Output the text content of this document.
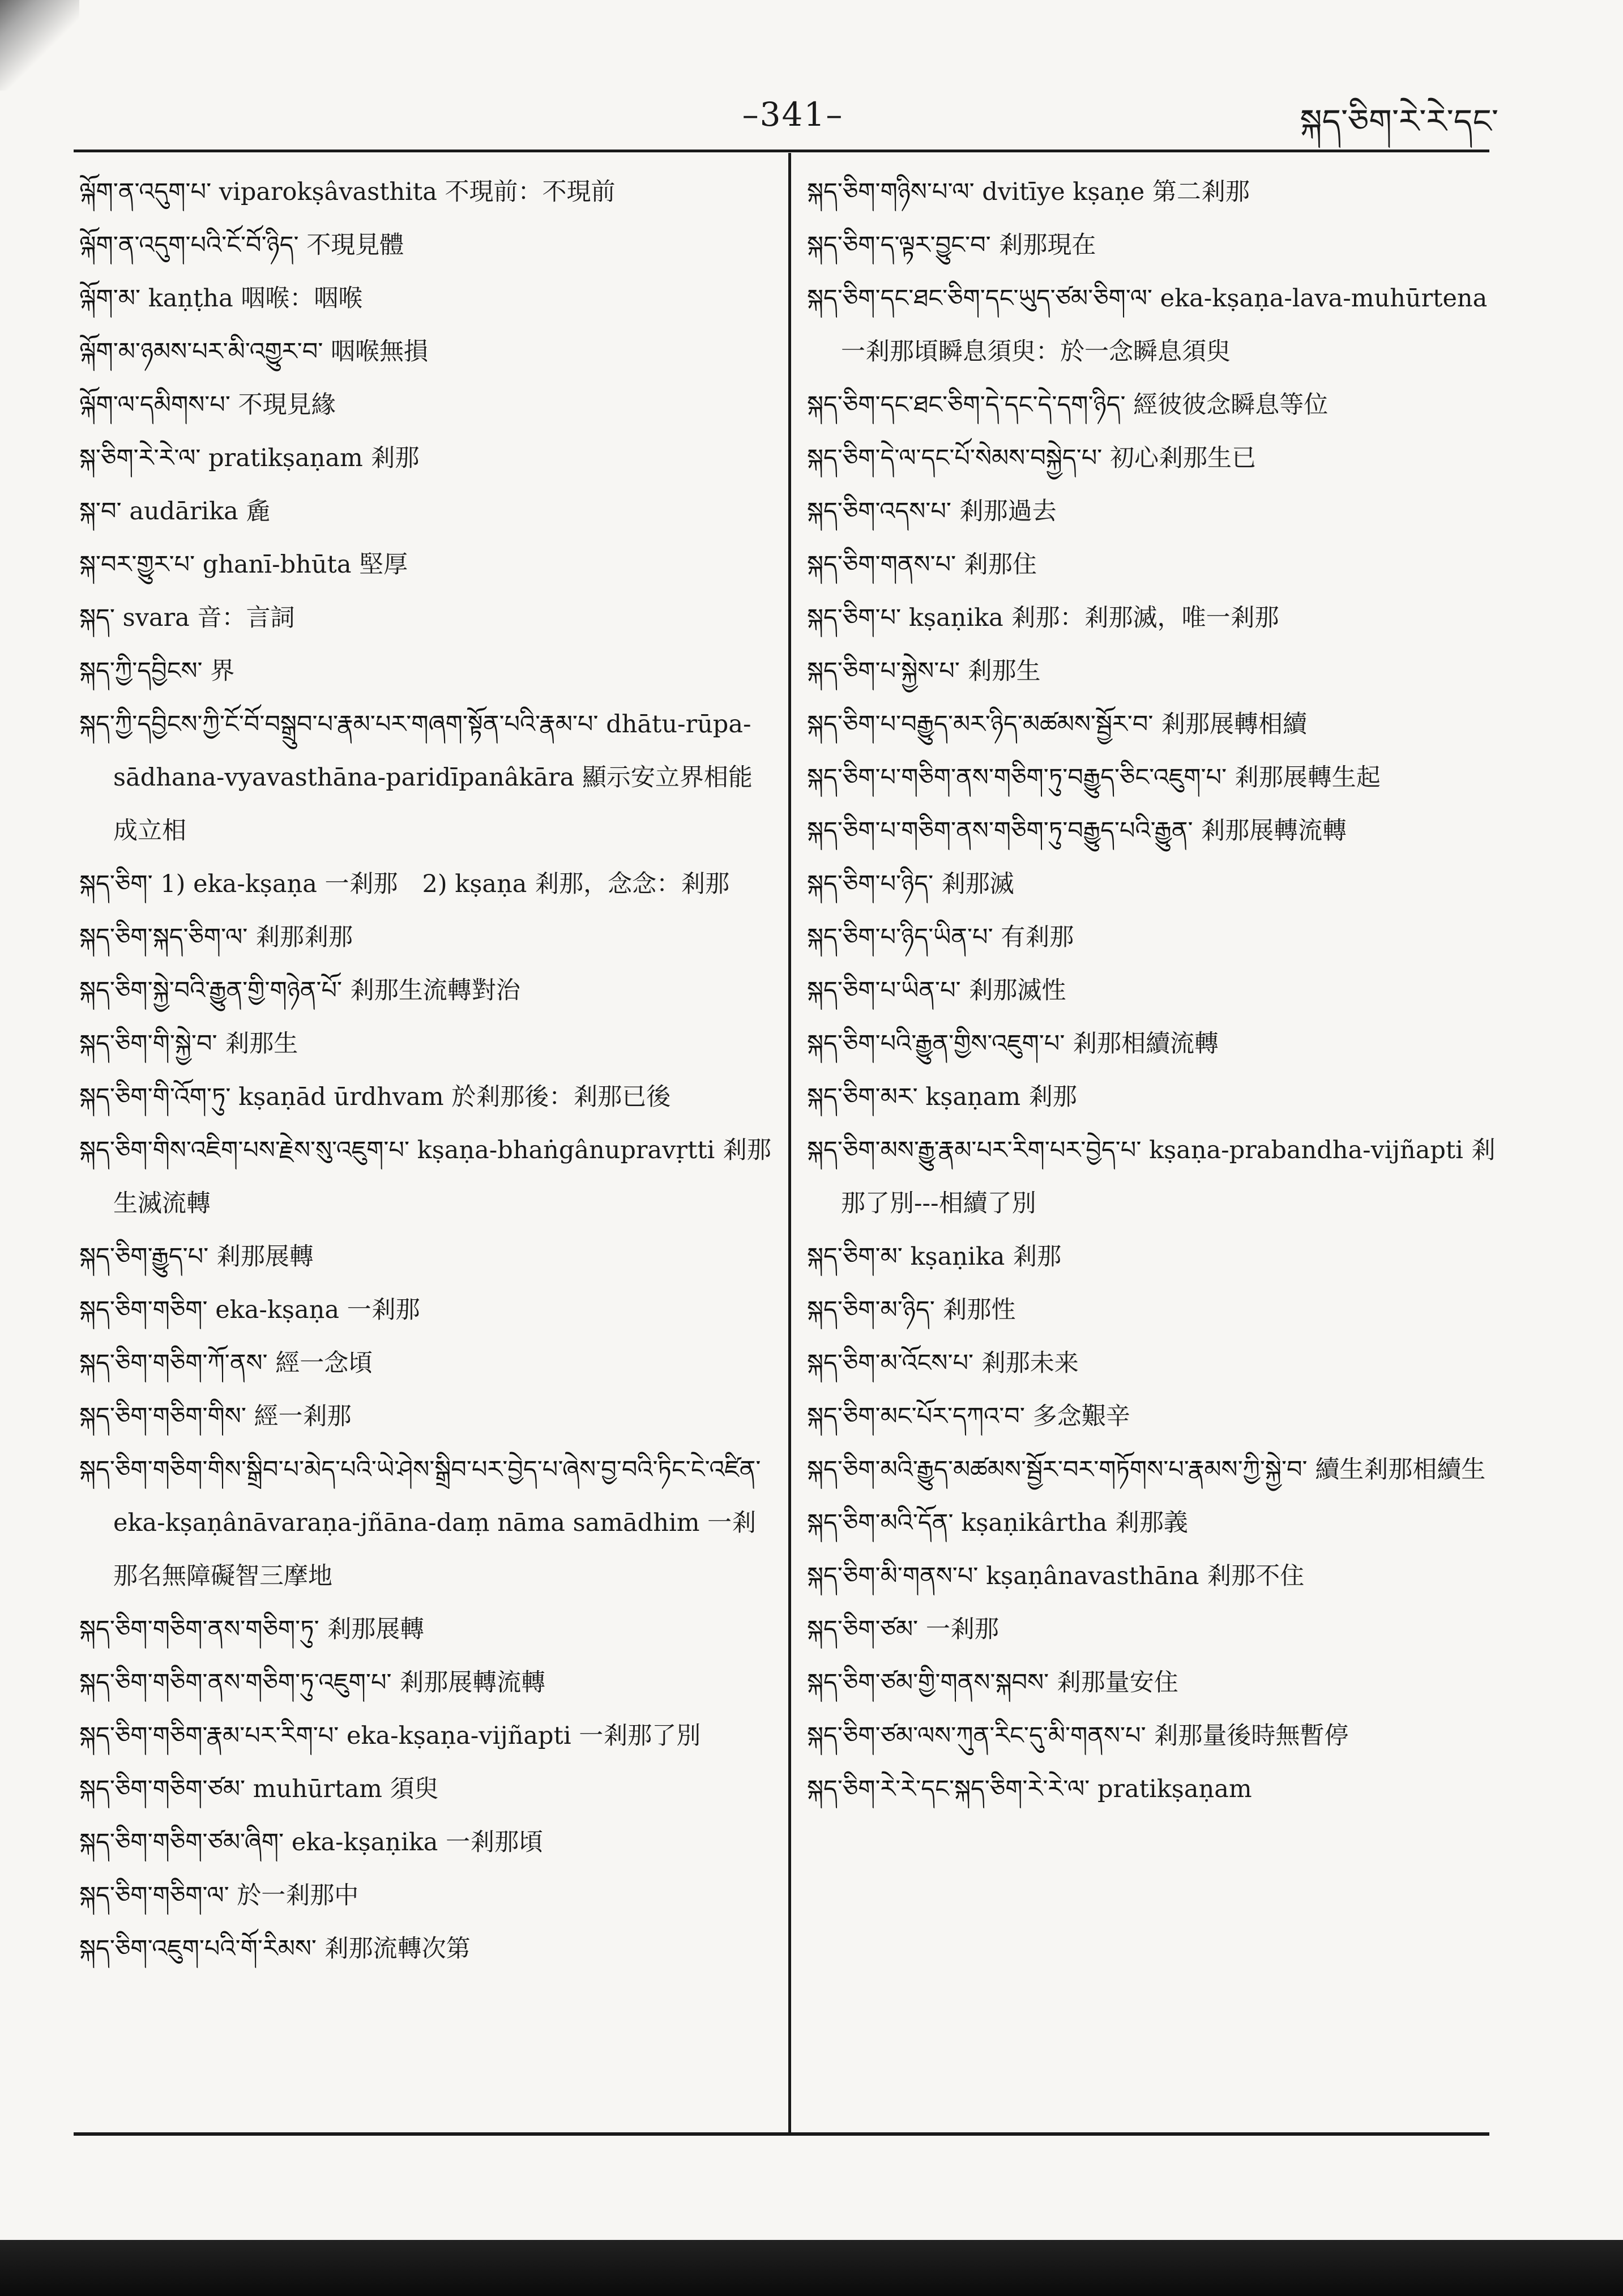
–341–	སྐད་ཅིག་རེ་རེ་དང་
ལྐོག་ན་འདུག་པ་ viparokṣâvasthita 不現前：不現前
ལྐོག་ན་འདུག་པའི་ངོ་བོ་ཉིད་ 不現見體
ལྐོག་མ་ kaṇṭha 咽喉：咽喉
ལྐོག་མ་ཉམས་པར་མི་འགྱུར་བ་ 咽喉無損
ལྐོག་ལ་དམིགས་པ་ 不現見緣
སྐ་ཅིག་རེ་རེ་ལ་ pratikṣaṇam 剎那
སྐ་བ་ audārika 麁
སྐ་བར་གྱུར་པ་ ghanī-bhūta 堅厚
སྐད་ svara 音：言詞
སྐད་ཀྱི་དབྱིངས་ 界
སྐད་ཀྱི་དབྱིངས་ཀྱི་ངོ་བོ་བསྒྲུབ་པ་རྣམ་པར་གཞག་སྟོན་པའི་རྣམ་པ་ dhātu-rūpa-sādhana-vyavasthāna-paridīpanâkāra 顯示安立界相能成立相
སྐད་ཅིག་ 1) eka-kṣaṇa 一剎那　2) kṣaṇa 剎那，念念：剎那
སྐད་ཅིག་སྐད་ཅིག་ལ་ 剎那剎那
སྐད་ཅིག་སྐྱེ་བའི་རྒྱུན་གྱི་གཉེན་པོ་ 剎那生流轉對治
སྐད་ཅིག་གི་སྐྱེ་བ་ 剎那生
སྐད་ཅིག་གི་འོག་ཏུ་ kṣaṇād ūrdhvam 於剎那後：剎那已後
སྐད་ཅིག་གིས་འཇིག་པས་རྗེས་སུ་འཇུག་པ་ kṣaṇa-bhaṅgânupravṛtti 剎那生滅流轉
སྐད་ཅིག་རྒྱུད་པ་ 剎那展轉
སྐད་ཅིག་གཅིག་ eka-kṣaṇa 一剎那
སྐད་ཅིག་གཅིག་ཀོ་ནས་ 經一念頃
སྐད་ཅིག་གཅིག་གིས་ 經一剎那
སྐད་ཅིག་གཅིག་གིས་སྒྲིབ་པ་མེད་པའི་ཡེ་ཤེས་སྒྲིབ་པར་བྱེད་པ་ཞེས་བྱ་བའི་ཏིང་ངེ་འཛིན་ eka-kṣaṇânāvaraṇa-jñāna-daṃ nāma samādhim 一剎那名無障礙智三摩地
སྐད་ཅིག་གཅིག་ནས་གཅིག་ཏུ་ 剎那展轉
སྐད་ཅིག་གཅིག་ནས་གཅིག་ཏུ་འཇུག་པ་ 剎那展轉流轉
སྐད་ཅིག་གཅིག་རྣམ་པར་རིག་པ་ eka-kṣaṇa-vijñapti 一剎那了別
སྐད་ཅིག་གཅིག་ཙམ་ muhūrtam 須臾
སྐད་ཅིག་གཅིག་ཙམ་ཞིག་ eka-kṣaṇika 一剎那頃
སྐད་ཅིག་གཅིག་ལ་ 於一剎那中
སྐད་ཅིག་འཇུག་པའི་གོ་རིམས་ 剎那流轉次第
སྐད་ཅིག་གཉིས་པ་ལ་ dvitīye kṣaṇe 第二剎那
སྐད་ཅིག་ད་ལྟར་བྱུང་བ་ 剎那現在
སྐད་ཅིག་དང་ཐང་ཅིག་དང་ཡུད་ཙམ་ཅིག་ལ་ eka-kṣaṇa-lava-muhūrtena 一剎那頃瞬息須臾：於一念瞬息須臾
སྐད་ཅིག་དང་ཐང་ཅིག་དེ་དང་དེ་དག་ཉིད་ 經彼彼念瞬息等位
སྐད་ཅིག་དེ་ལ་དང་པོ་སེམས་བསྐྱེད་པ་ 初心剎那生已
སྐད་ཅིག་འདས་པ་ 剎那過去
སྐད་ཅིག་གནས་པ་ 剎那住
སྐད་ཅིག་པ་ kṣaṇika 剎那：剎那滅，唯一剎那
སྐད་ཅིག་པ་སྐྱེས་པ་ 剎那生
སྐད་ཅིག་པ་བརྒྱུད་མར་ཉིད་མཚམས་སྦྱོར་བ་ 剎那展轉相續
སྐད་ཅིག་པ་གཅིག་ནས་གཅིག་ཏུ་བརྒྱུད་ཅིང་འཇུག་པ་ 剎那展轉生起
སྐད་ཅིག་པ་གཅིག་ནས་གཅིག་ཏུ་བརྒྱུད་པའི་རྒྱུན་ 剎那展轉流轉
སྐད་ཅིག་པ་ཉིད་ 剎那滅
སྐད་ཅིག་པ་ཉིད་ཡིན་པ་ 有剎那
སྐད་ཅིག་པ་ཡིན་པ་ 剎那滅性
སྐད་ཅིག་པའི་རྒྱུན་གྱིས་འཇུག་པ་ 剎那相續流轉
སྐད་ཅིག་མར་ kṣaṇam 剎那
སྐད་ཅིག་མས་རྒྱུ་རྣམ་པར་རིག་པར་བྱེད་པ་ kṣaṇa-prabandha-vijñapti 剎那了別---相續了別
སྐད་ཅིག་མ་ kṣaṇika 剎那
སྐད་ཅིག་མ་ཉིད་ 剎那性
སྐད་ཅིག་མ་འོངས་པ་ 剎那未来
སྐད་ཅིག་མང་པོར་དཀའ་བ་ 多念艱辛
སྐད་ཅིག་མའི་རྒྱུད་མཚམས་སྦྱོར་བར་གཏོགས་པ་རྣམས་ཀྱི་སྐྱེ་བ་ 續生剎那相續生
སྐད་ཅིག་མའི་དོན་ kṣaṇikârtha 剎那義
སྐད་ཅིག་མི་གནས་པ་ kṣaṇânavasthāna 剎那不住
སྐད་ཅིག་ཙམ་ 一剎那
སྐད་ཅིག་ཙམ་གྱི་གནས་སྐབས་ 剎那量安住
སྐད་ཅིག་ཙམ་ལས་ཀུན་རིང་དུ་མི་གནས་པ་ 剎那量後時無暫停
སྐད་ཅིག་རེ་རེ་དང་སྐད་ཅིག་རེ་རེ་ལ་ pratikṣaṇam
